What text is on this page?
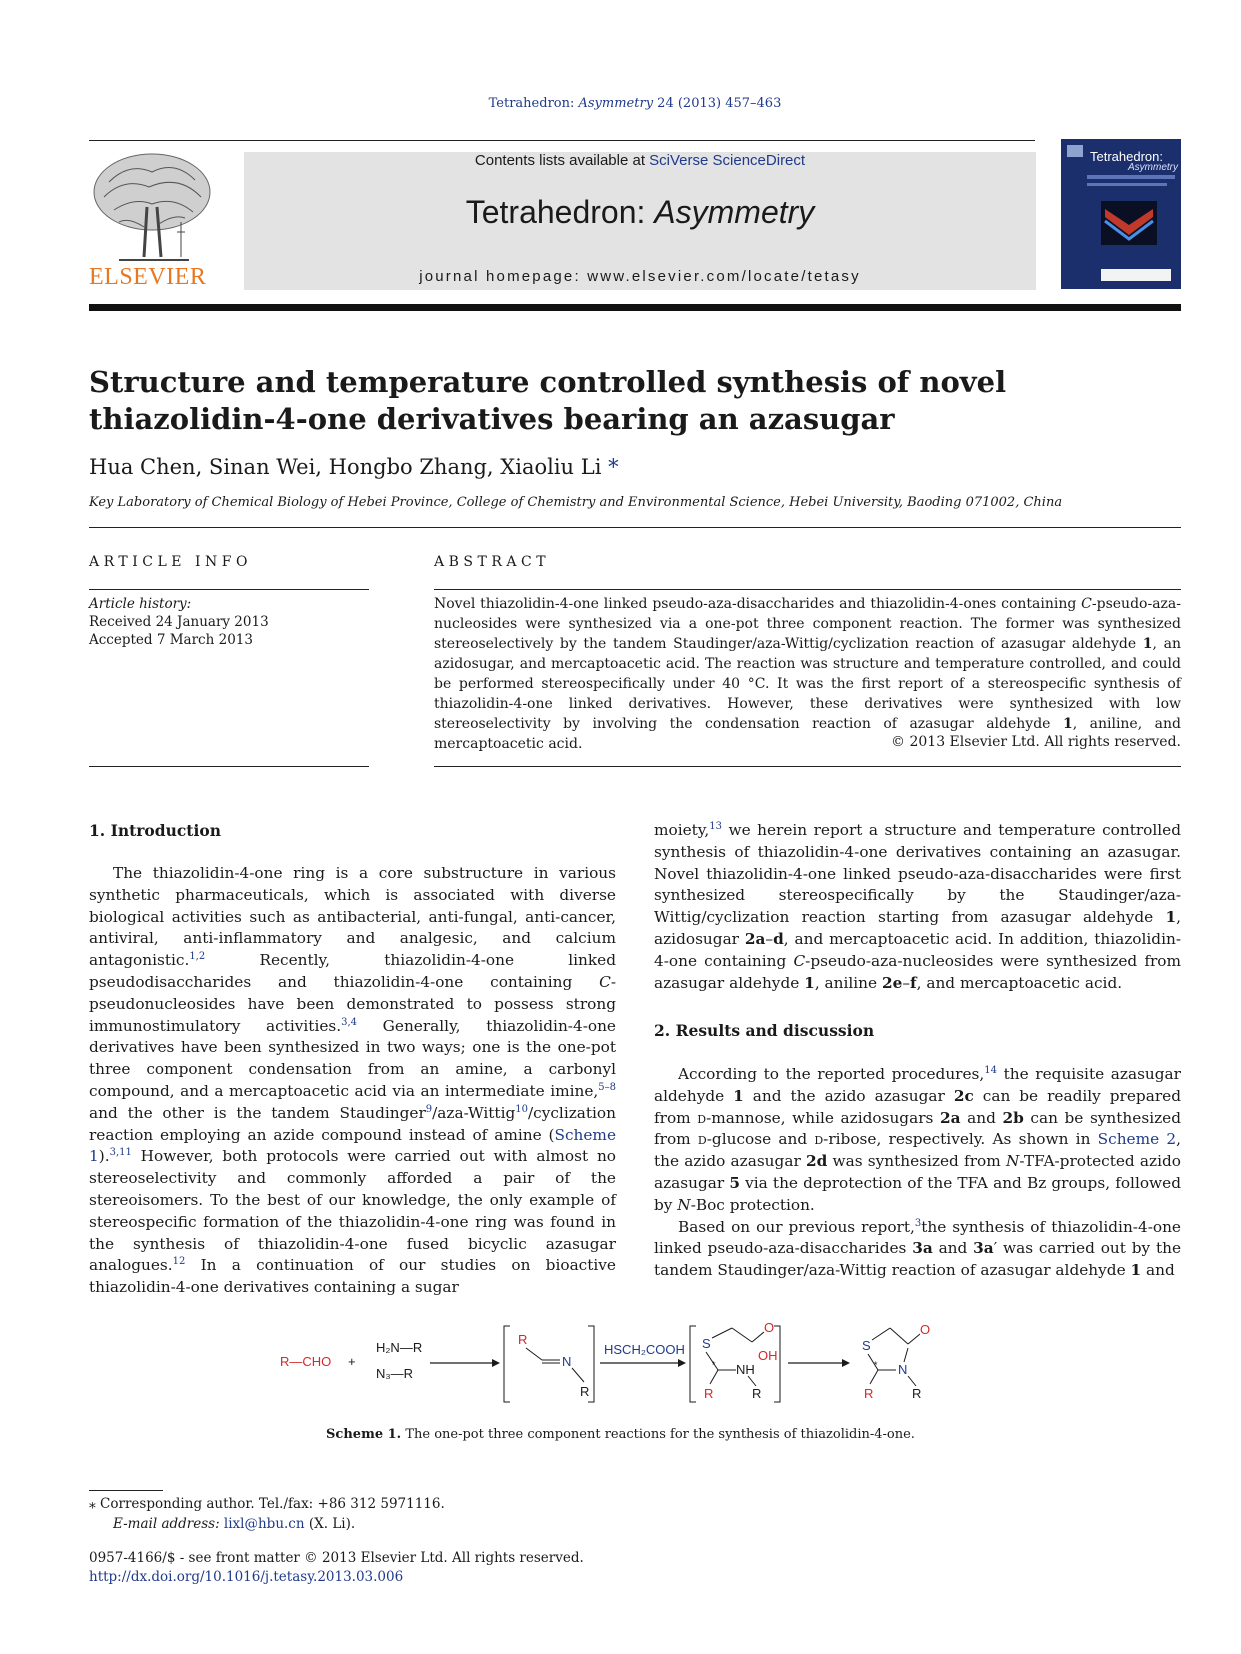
Tetrahedron: Asymmetry 24 (2013) 457–463
ELSEVIER
Contents lists available at SciVerse ScienceDirect
Tetrahedron: Asymmetry
journal homepage: www.elsevier.com/locate/tetasy
Tetrahedron:
Asymmetry
Structure and temperature controlled synthesis of novel thiazolidin-4-one derivatives bearing an azasugar
Hua Chen, Sinan Wei, Hongbo Zhang, Xiaoliu Li *
Key Laboratory of Chemical Biology of Hebei Province, College of Chemistry and Environmental Science, Hebei University, Baoding 071002, China
ARTICLE INFO	ABSTRACT
Article history:
Received 24 January 2013
Accepted 7 March 2013
Novel thiazolidin-4-one linked pseudo-aza-disaccharides and thiazolidin-4-ones containing C-pseudo-aza-nucleosides were synthesized via a one-pot three component reaction. The former was synthesized stereoselectively by the tandem Staudinger/aza-Wittig/cyclization reaction of azasugar aldehyde 1, an azidosugar, and mercaptoacetic acid. The reaction was structure and temperature controlled, and could be performed stereospecifically under 40 °C. It was the first report of a stereospecific synthesis of thiazolidin-4-one linked derivatives. However, these derivatives were synthesized with low stereoselectivity by involving the condensation reaction of azasugar aldehyde 1, aniline, and mercaptoacetic acid.	© 2013 Elsevier Ltd. All rights reserved.
1. Introduction

The thiazolidin-4-one ring is a core substructure in various synthetic pharmaceuticals, which is associated with diverse biological activities such as antibacterial, anti-fungal, anti-cancer, antiviral, anti-inflammatory and analgesic, and calcium antagonistic.$^{1,2}$ Recently, thiazolidin-4-one linked pseudodisaccharides and thiazolidin-4-one containing C-pseudonucleosides have been demonstrated to possess strong immunostimulatory activities.$^{3,4}$ Generally, thiazolidin-4-one derivatives have been synthesized in two ways; one is the one-pot three component condensation from an amine, a carbonyl compound, and a mercaptoacetic acid via an intermediate imine,$^{5-8}$ and the other is the tandem Staudinger$^9$/aza-Wittig$^{10}$/cyclization reaction employing an azide compound instead of amine (Scheme 1).$^{3,11}$ However, both protocols were carried out with almost no stereoselectivity and commonly afforded a pair of the stereoisomers. To the best of our knowledge, the only example of stereospecific formation of the thiazolidin-4-one ring was found in the synthesis of thiazolidin-4-one fused bicyclic azasugar analogues.$^{12}$ In a continuation of our studies on bioactive thiazolidin-4-one derivatives containing a sugar

moiety,$^{13}$ we herein report a structure and temperature controlled synthesis of thiazolidin-4-one derivatives containing an azasugar. Novel thiazolidin-4-one linked pseudo-aza-disaccharides were first synthesized stereospecifically by the Staudinger/aza-Wittig/cyclization reaction starting from azasugar aldehyde 1, azidosugar 2a–d, and mercaptoacetic acid. In addition, thiazolidin-4-one containing C-pseudo-aza-nucleosides were synthesized from azasugar aldehyde 1, aniline 2e–f, and mercaptoacetic acid.

2. Results and discussion

According to the reported procedures,$^{14}$ the requisite azasugar aldehyde 1 and the azido azasugar 2c can be readily prepared from d-mannose, while azidosugars 2a and 2b can be synthesized from d-glucose and d-ribose, respectively. As shown in Scheme 2, the azido azasugar 2d was synthesized from N-TFA-protected azido azasugar 5 via the deprotection of the TFA and Bz groups, followed by N-Boc protection.

Based on our previous report,$^3$the synthesis of thiazolidin-4-one linked pseudo-aza-disaccharides 3a and 3a′ was carried out by the tandem Staudinger/aza-Wittig reaction of azasugar aldehyde 1 and

R—CHO +
H₂N—R
N₃—R
R
N
R
HSCH₂COOH S
O
OH
* NH
R	R
S
O
* N
R	R
Scheme 1. The one-pot three component reactions for the synthesis of thiazolidin-4-one.
⁎ Corresponding author. Tel./fax: +86 312 5971116.
E-mail address: lixl@hbu.cn (X. Li).
0957-4166/$ - see front matter © 2013 Elsevier Ltd. All rights reserved.
http://dx.doi.org/10.1016/j.tetasy.2013.03.006
